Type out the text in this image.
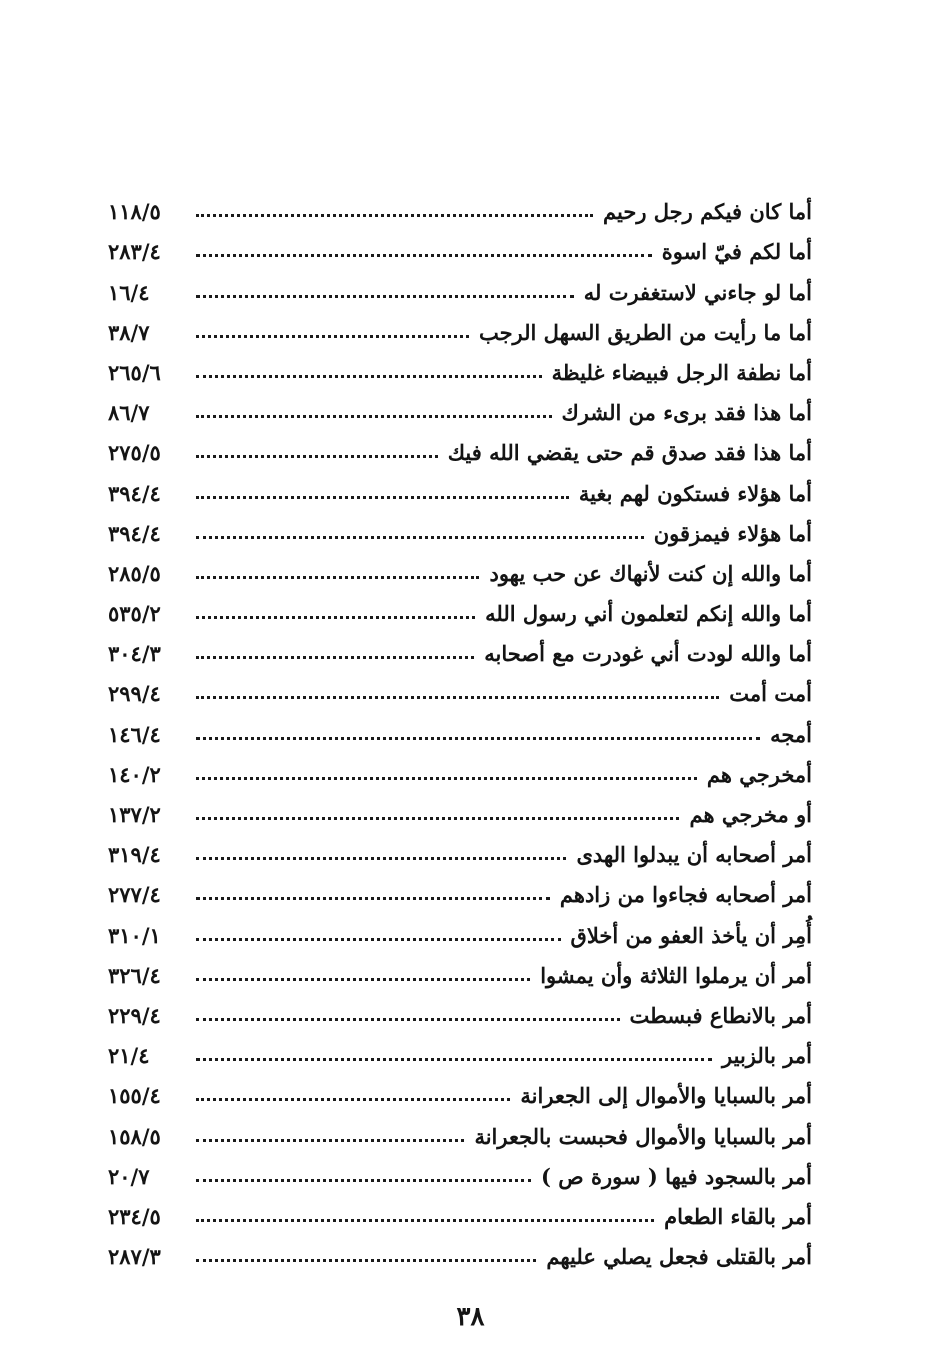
١١٨/٥	أما كان فيكم رجل رحيم
٢٨٣/٤	أما لكم فيّ اسوة
١٦/٤	أما لو جاءني لاستغفرت له
٣٨/٧	أما ما رأيت من الطريق السهل الرجب
٢٦٥/٦	أما نطفة الرجل فبيضاء غليظة
٨٦/٧	أما هذا فقد برىء من الشرك
٢٧٥/٥	أما هذا فقد صدق قم حتى يقضي الله فيك
٣٩٤/٤	أما هؤلاء فستكون لهم بغية
٣٩٤/٤	أما هؤلاء فيمزقون
٢٨٥/٥	أما والله إن كنت لأنهاك عن حب يهود
٥٣٥/٢	أما والله إنكم لتعلمون أني رسول الله
٣٠٤/٣	أما والله لودت أني غودرت مع أصحابه
٢٩٩/٤	أمت أمت
١٤٦/٤	أمجه
١٤٠/٢	أمخرجي هم
١٣٧/٢	أو مخرجي هم
٣١٩/٤	أمر أصحابه أن يبدلوا الهدى
٢٧٧/٤	أمر أصحابه فجاءوا من زادهم
٣١٠/١	أُمِر أن يأخذ العفو من أخلاق
٣٢٦/٤	أمر أن يرملوا الثلاثة وأن يمشوا
٢٢٩/٤	أمر بالانطاع فبسطت
٢١/٤	أمر بالزبير
١٥٥/٤	أمر بالسبايا والأموال إلى الجعرانة
١٥٨/٥	أمر بالسبايا والأموال فحبست بالجعرانة
٢٠/٧	أمر بالسجود فيها ( سورة ص )
٢٣٤/٥	أمر بالقاء الطعام
٢٨٧/٣	أمر بالقتلى فجعل يصلي عليهم
٣٨
